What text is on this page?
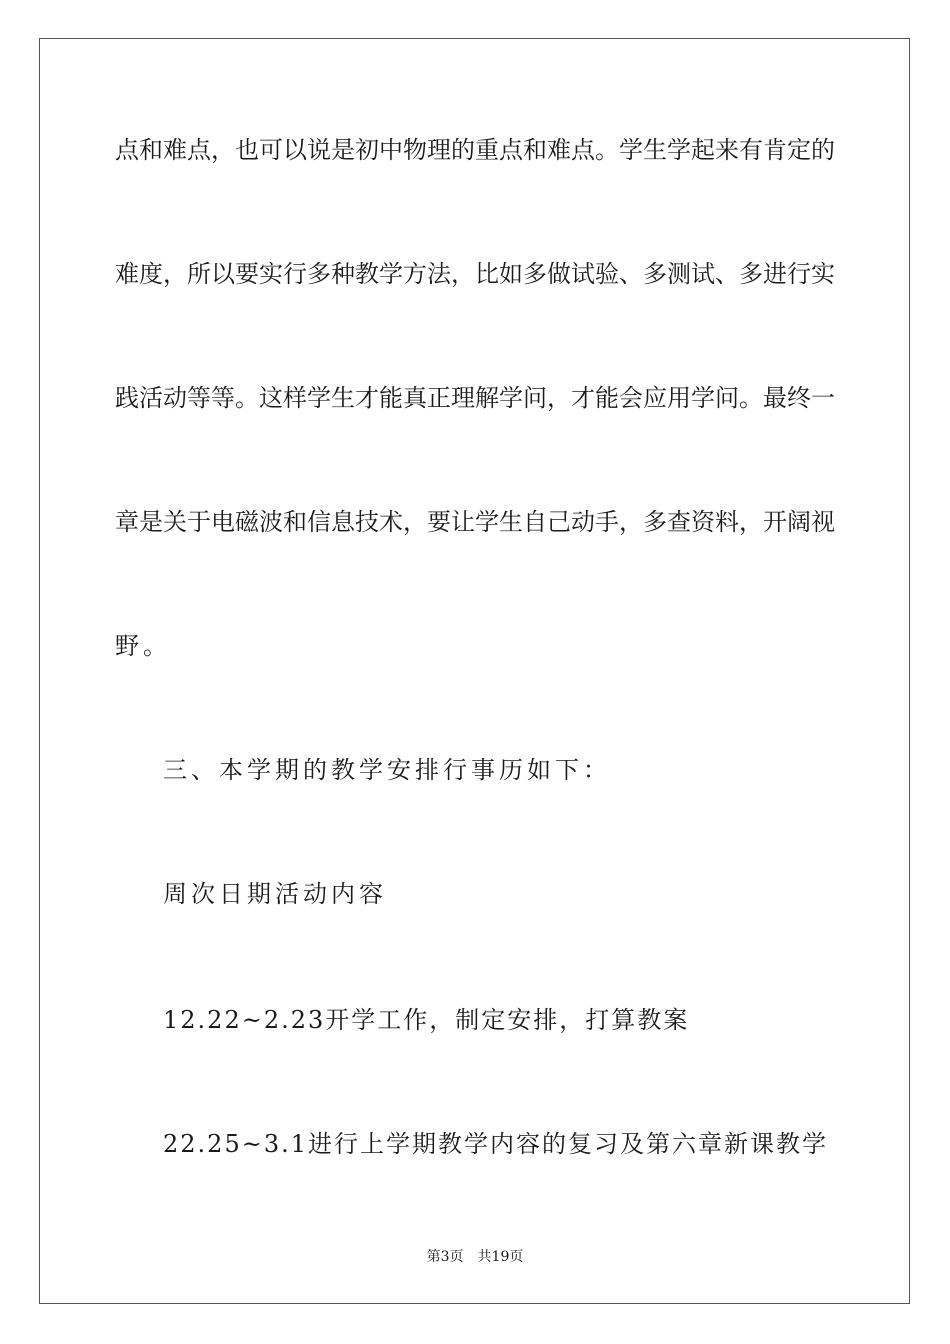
点和难点，也可以说是初中物理的重点和难点。学生学起来有肯定的
难度，所以要实行多种教学方法，比如多做试验、多测试、多进行实
践活动等等。这样学生才能真正理解学问，才能会应用学问。最终一
章是关于电磁波和信息技术，要让学生自己动手，多查资料，开阔视
野。
三、本学期的教学安排行事历如下：
周次日期活动内容
12.22~2.23开学工作，制定安排，打算教案
22.25~3.1进行上学期教学内容的复习及第六章新课教学
第3页 共19页
